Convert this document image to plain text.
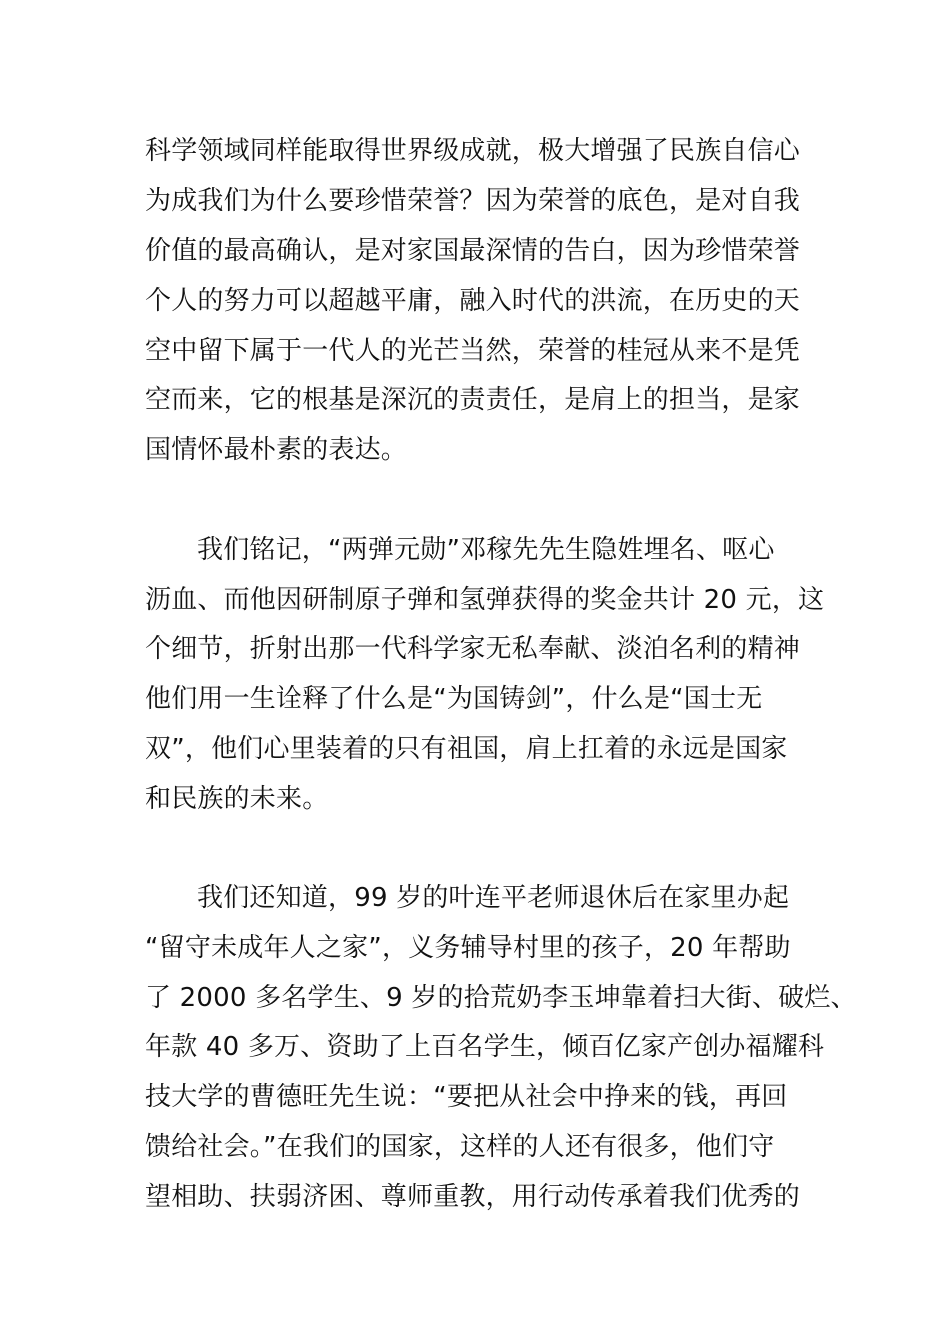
科学领域同样能取得世界级成就，极大增强了民族自信心
为成我们为什么要珍惜荣誉？因为荣誉的底色，是对自我
价值的最高确认，是对家国最深情的告白，因为珍惜荣誉
个人的努力可以超越平庸，融入时代的洪流，在历史的天
空中留下属于一代人的光芒当然，荣誉的桂冠从来不是凭
空而来，它的根基是深沉的责责任，是肩上的担当，是家
国情怀最朴素的表达。
我们铭记，“两弹元勋”邓稼先先生隐姓埋名、呕心
沥血、而他因研制原子弹和氢弹获得的奖金共计 20 元，这
个细节，折射出那一代科学家无私奉献、淡泊名利的精神
他们用一生诠释了什么是“为国铸剑”，什么是“国士无
双”，他们心里装着的只有祖国，肩上扛着的永远是国家
和民族的未来。
我们还知道，99 岁的叶连平老师退休后在家里办起
“留守未成年人之家”，义务辅导村里的孩子，20 年帮助
了 2000 多名学生、9 岁的拾荒奶李玉坤靠着扫大街、破烂、
年款 40 多万、资助了上百名学生，倾百亿家产创办福耀科
技大学的曹德旺先生说：“要把从社会中挣来的钱，再回
馈给社会。”在我们的国家，这样的人还有很多，他们守
望相助、扶弱济困、尊师重教，用行动传承着我们优秀的
